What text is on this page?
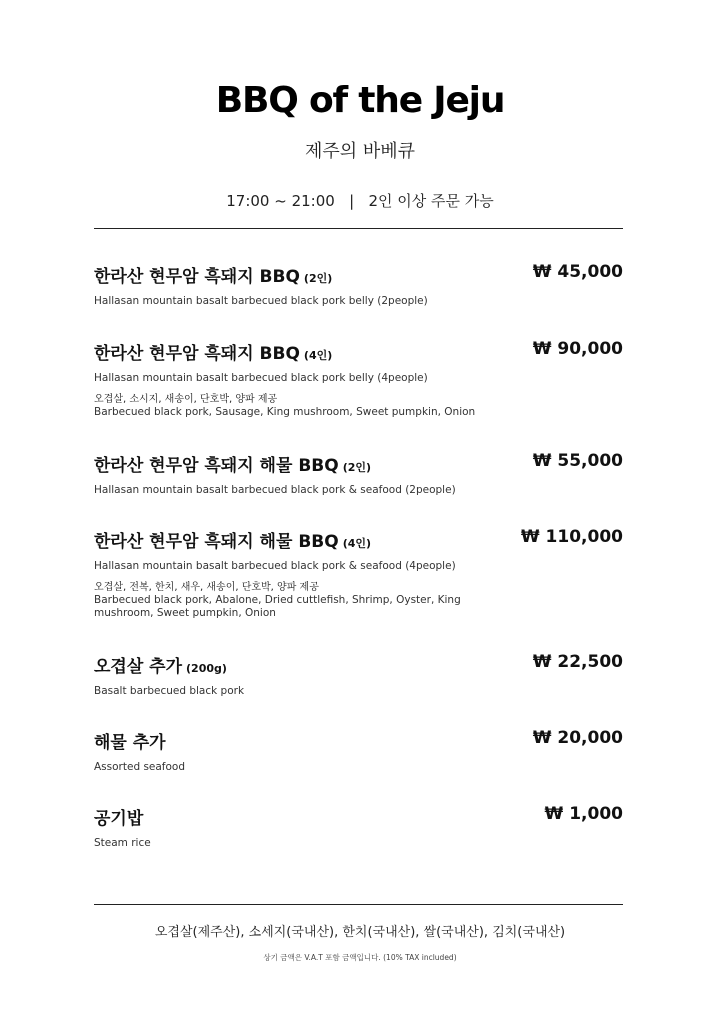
BBQ of the Jeju
제주의 바베큐
17:00 ~ 21:00   |   2인 이상 주문 가능
한라산 현무암 흑돼지 BBQ (2인)	₩ 45,000
Hallasan mountain basalt barbecued black pork belly (2people)
한라산 현무암 흑돼지 BBQ (4인)	₩ 90,000
Hallasan mountain basalt barbecued black pork belly (4people)
오겹살, 소시지, 새송이, 단호박, 양파 제공
Barbecued black pork, Sausage, King mushroom, Sweet pumpkin, Onion
한라산 현무암 흑돼지 해물 BBQ (2인)	₩ 55,000
Hallasan mountain basalt barbecued black pork & seafood (2people)
한라산 현무암 흑돼지 해물 BBQ (4인)	₩ 110,000
Hallasan mountain basalt barbecued black pork & seafood (4people)
오겹살, 전복, 한치, 새우, 새송이, 단호박, 양파 제공
Barbecued black pork, Abalone, Dried cuttlefish, Shrimp, Oyster, King mushroom, Sweet pumpkin, Onion
오겹살 추가 (200g)	₩ 22,500
Basalt barbecued black pork
해물 추가	₩ 20,000
Assorted seafood
공기밥	₩ 1,000
Steam rice
오겹살(제주산), 소세지(국내산), 한치(국내산), 쌀(국내산), 김치(국내산)
상기 금액은 V.A.T 포함 금액입니다. (10% TAX included)
